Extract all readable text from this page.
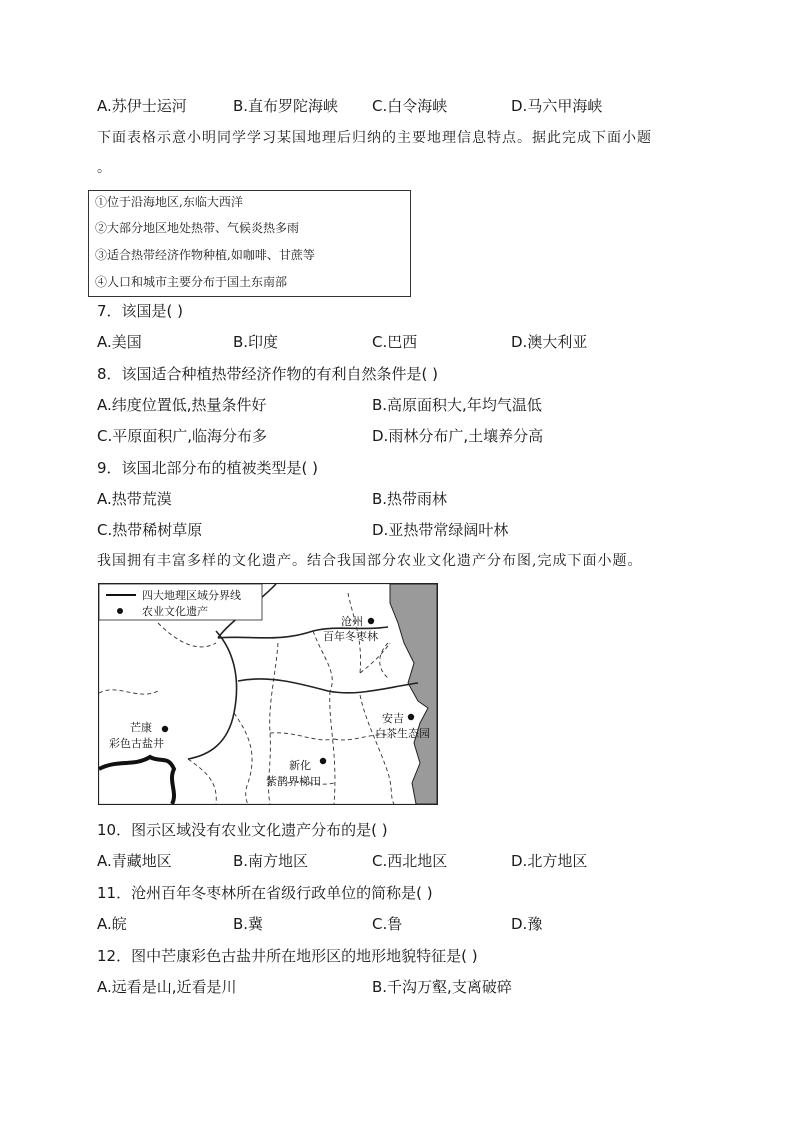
A.苏伊士运河	B.直布罗陀海峡 C.白令海峡	D.马六甲海峡
下面表格示意小明同学学习某国地理后归纳的主要地理信息特点。据此完成下面小题
。
①位于沿海地区,东临大西洋
②大部分地区地处热带、气候炎热多雨
③适合热带经济作物种植,如咖啡、甘蔗等
④人口和城市主要分布于国土东南部
7．该国是( )
A.美国	B.印度	C.巴西	D.澳大利亚
8．该国适合种植热带经济作物的有利自然条件是( )
A.纬度位置低,热量条件好	B.高原面积大,年均气温低
C.平原面积广,临海分布多	D.雨林分布广,土壤养分高
9．该国北部分布的植被类型是( )
A.热带荒漠	B.热带雨林
C.热带稀树草原	D.亚热带常绿阔叶林
我国拥有丰富多样的文化遗产。结合我国部分农业文化遗产分布图,完成下面小题。
四大地理区域分界线
农业文化遗产
沧州
百年冬枣林
安吉
白茶生态园
芒康
彩色古盐井
新化
紫鹊界梯田
10．图示区域没有农业文化遗产分布的是( )
A.青藏地区	B.南方地区	C.西北地区	D.北方地区
11．沧州百年冬枣林所在省级行政单位的简称是( )
A.皖	B.冀	C.鲁	D.豫
12．图中芒康彩色古盐井所在地形区的地形地貌特征是( )
A.远看是山,近看是川	B.千沟万壑,支离破碎
